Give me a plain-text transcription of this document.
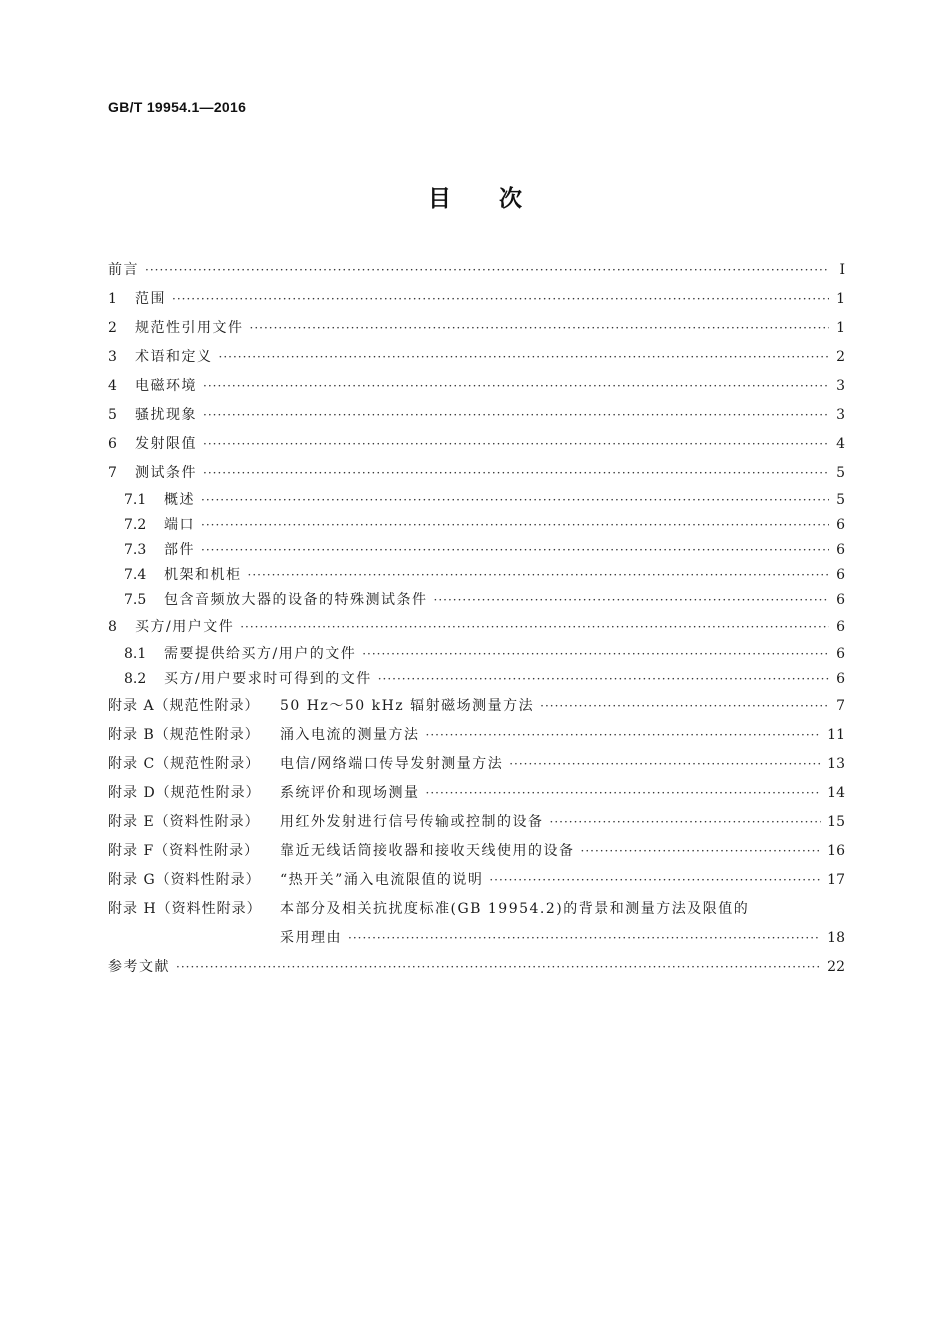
GB/T 19954.1—2016
目 次
前言 ·····	Ⅰ
1	范围 ·····	1
2	规范性引用文件 ·····	1
3	术语和定义 ·····	2
4	电磁环境 ·····	3
5	骚扰现象 ·····	3
6	发射限值 ·····	4
7	测试条件 ·····	5
7.1	概述 ·····	5
7.2	端口 ·····	6
7.3	部件 ·····	6
7.4	机架和机柜 ·····	6
7.5	包含音频放大器的设备的特殊测试条件 ·····	6
8	买方/用户文件 ·····	6
8.1	需要提供给买方/用户的文件 ·····	6
8.2	买方/用户要求时可得到的文件 ·····	6
附录 A（规范性附录）	50 Hz～50 kHz 辐射磁场测量方法 ·····	7
附录 B（规范性附录）	涌入电流的测量方法 ·····	11
附录 C（规范性附录）	电信/网络端口传导发射测量方法 ·····	13
附录 D（规范性附录）	系统评价和现场测量 ·····	14
附录 E（资料性附录）	用红外发射进行信号传输或控制的设备 ·····	15
附录 F（资料性附录）	靠近无线话筒接收器和接收天线使用的设备 ·····	16
附录 G（资料性附录）	“热开关”涌入电流限值的说明 ·····	17
附录 H（资料性附录）	本部分及相关抗扰度标准(GB 19954.2)的背景和测量方法及限值的
采用理由 ·····	18
参考文献 ·····	22
